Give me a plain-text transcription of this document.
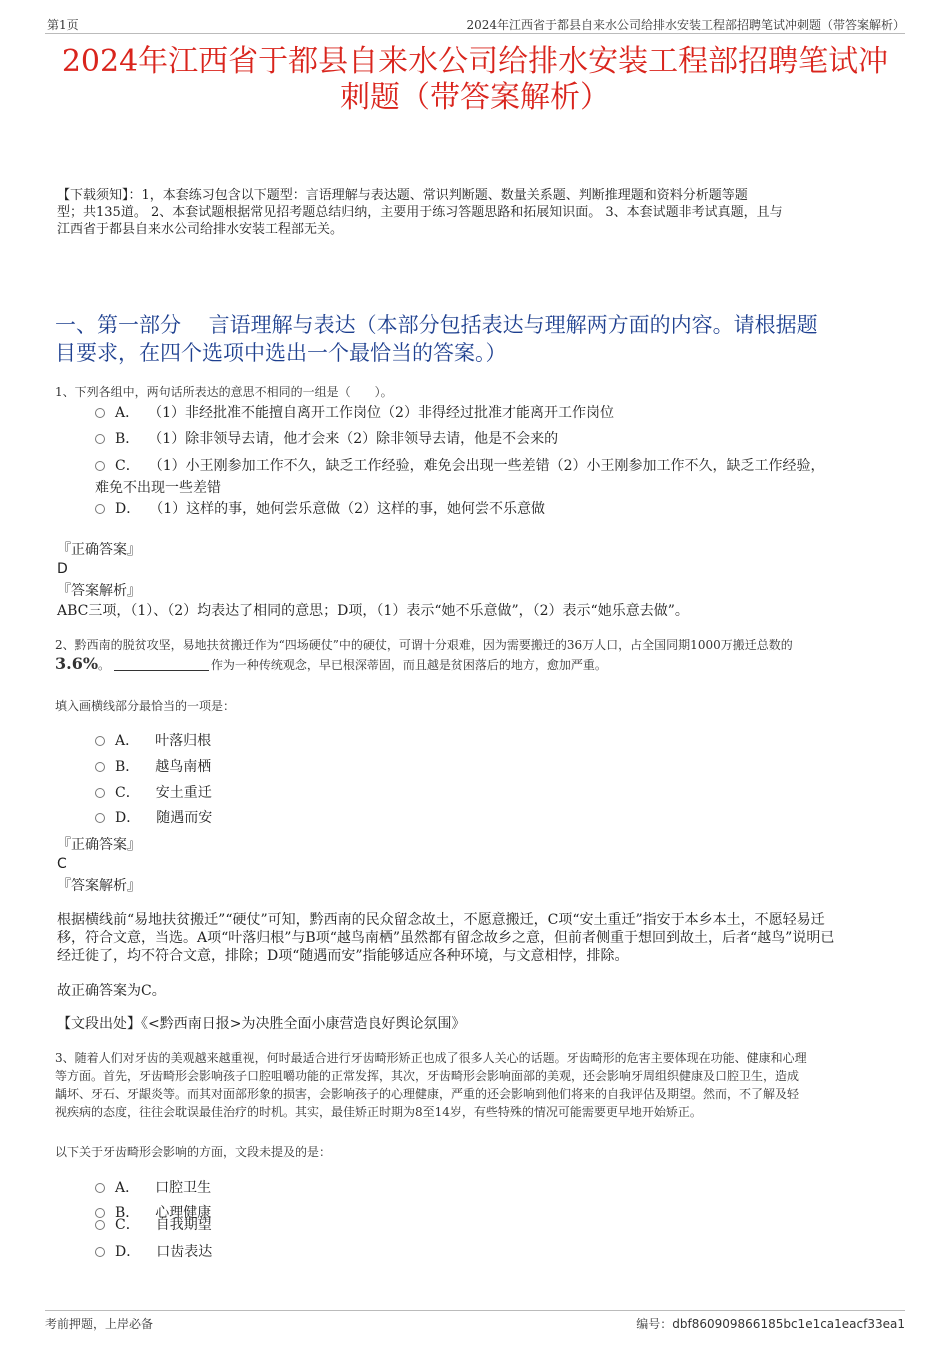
第1页	2024年江西省于都县自来水公司给排水安装工程部招聘笔试冲刺题（带答案解析）
2024年江西省于都县自来水公司给排水安装工程部招聘笔试冲
刺题（带答案解析）
【下载须知】：1，本套练习包含以下题型：言语理解与表达题、常识判断题、数量关系题、判断推理题和资料分析题等题
型；共135道。 2、本套试题根据常见招考题总结归纳，主要用于练习答题思路和拓展知识面。 3、本套试题非考试真题，且与
江西省于都县自来水公司给排水安装工程部无关。
一、第一部分　 言语理解与表达（本部分包括表达与理解两方面的内容。请根据题
目要求，在四个选项中选出一个最恰当的答案。）
1、下列各组中，两句话所表达的意思不相同的一组是（　　）。
A． （1）非经批准不能擅自离开工作岗位（2）非得经过批准才能离开工作岗位
B． （1）除非领导去请，他才会来（2）除非领导去请，他是不会来的
C． （1）小王刚参加工作不久，缺乏工作经验，难免会出现一些差错（2）小王刚参加工作不久，缺乏工作经验，
难免不出现一些差错
D． （1）这样的事，她何尝乐意做（2）这样的事，她何尝不乐意做
『正确答案』
D
『答案解析』
ABC三项，（1）、（2）均表达了相同的意思；D项，（1）表示“她不乐意做”，（2）表示“她乐意去做”。
2、黔西南的脱贫攻坚，易地扶贫搬迁作为“四场硬仗”中的硬仗，可谓十分艰难，因为需要搬迁的36万人口，占全国同期1000万搬迁总数的
3.6%。	作为一种传统观念，早已根深蒂固，而且越是贫困落后的地方，愈加严重。
填入画横线部分最恰当的一项是：
A． 叶落归根
B． 越鸟南栖
C． 安土重迁
D． 随遇而安
『正确答案』
C
『答案解析』
根据横线前“易地扶贫搬迁”“硬仗”可知，黔西南的民众留念故土，不愿意搬迁，C项“安土重迁”指安于本乡本土，不愿轻易迁
移，符合文意，当选。A项“叶落归根”与B项“越鸟南栖”虽然都有留念故乡之意，但前者侧重于想回到故土，后者“越鸟”说明已
经迁徙了，均不符合文意，排除；D项“随遇而安”指能够适应各种环境，与文意相悖，排除。
故正确答案为C。
【文段出处】《<黔西南日报>为决胜全面小康营造良好舆论氛围》
3、随着人们对牙齿的美观越来越重视，何时最适合进行牙齿畸形矫正也成了很多人关心的话题。牙齿畸形的危害主要体现在功能、健康和心理
等方面。首先，牙齿畸形会影响孩子口腔咀嚼功能的正常发挥，其次，牙齿畸形会影响面部的美观，还会影响牙周组织健康及口腔卫生，造成
龋坏、牙石、牙龈炎等。而其对面部形象的损害，会影响孩子的心理健康，严重的还会影响到他们将来的自我评估及期望。然而，不了解及轻
视疾病的态度，往往会耽误最佳治疗的时机。其实，最佳矫正时期为8至14岁，有些特殊的情况可能需要更早地开始矫正。
以下关于牙齿畸形会影响的方面，文段未提及的是：
A． 口腔卫生
B． 心理健康
C． 自我期望
D． 口齿表达
考前押题，上岸必备	编号：dbf860909866185bc1e1ca1eacf33ea1
